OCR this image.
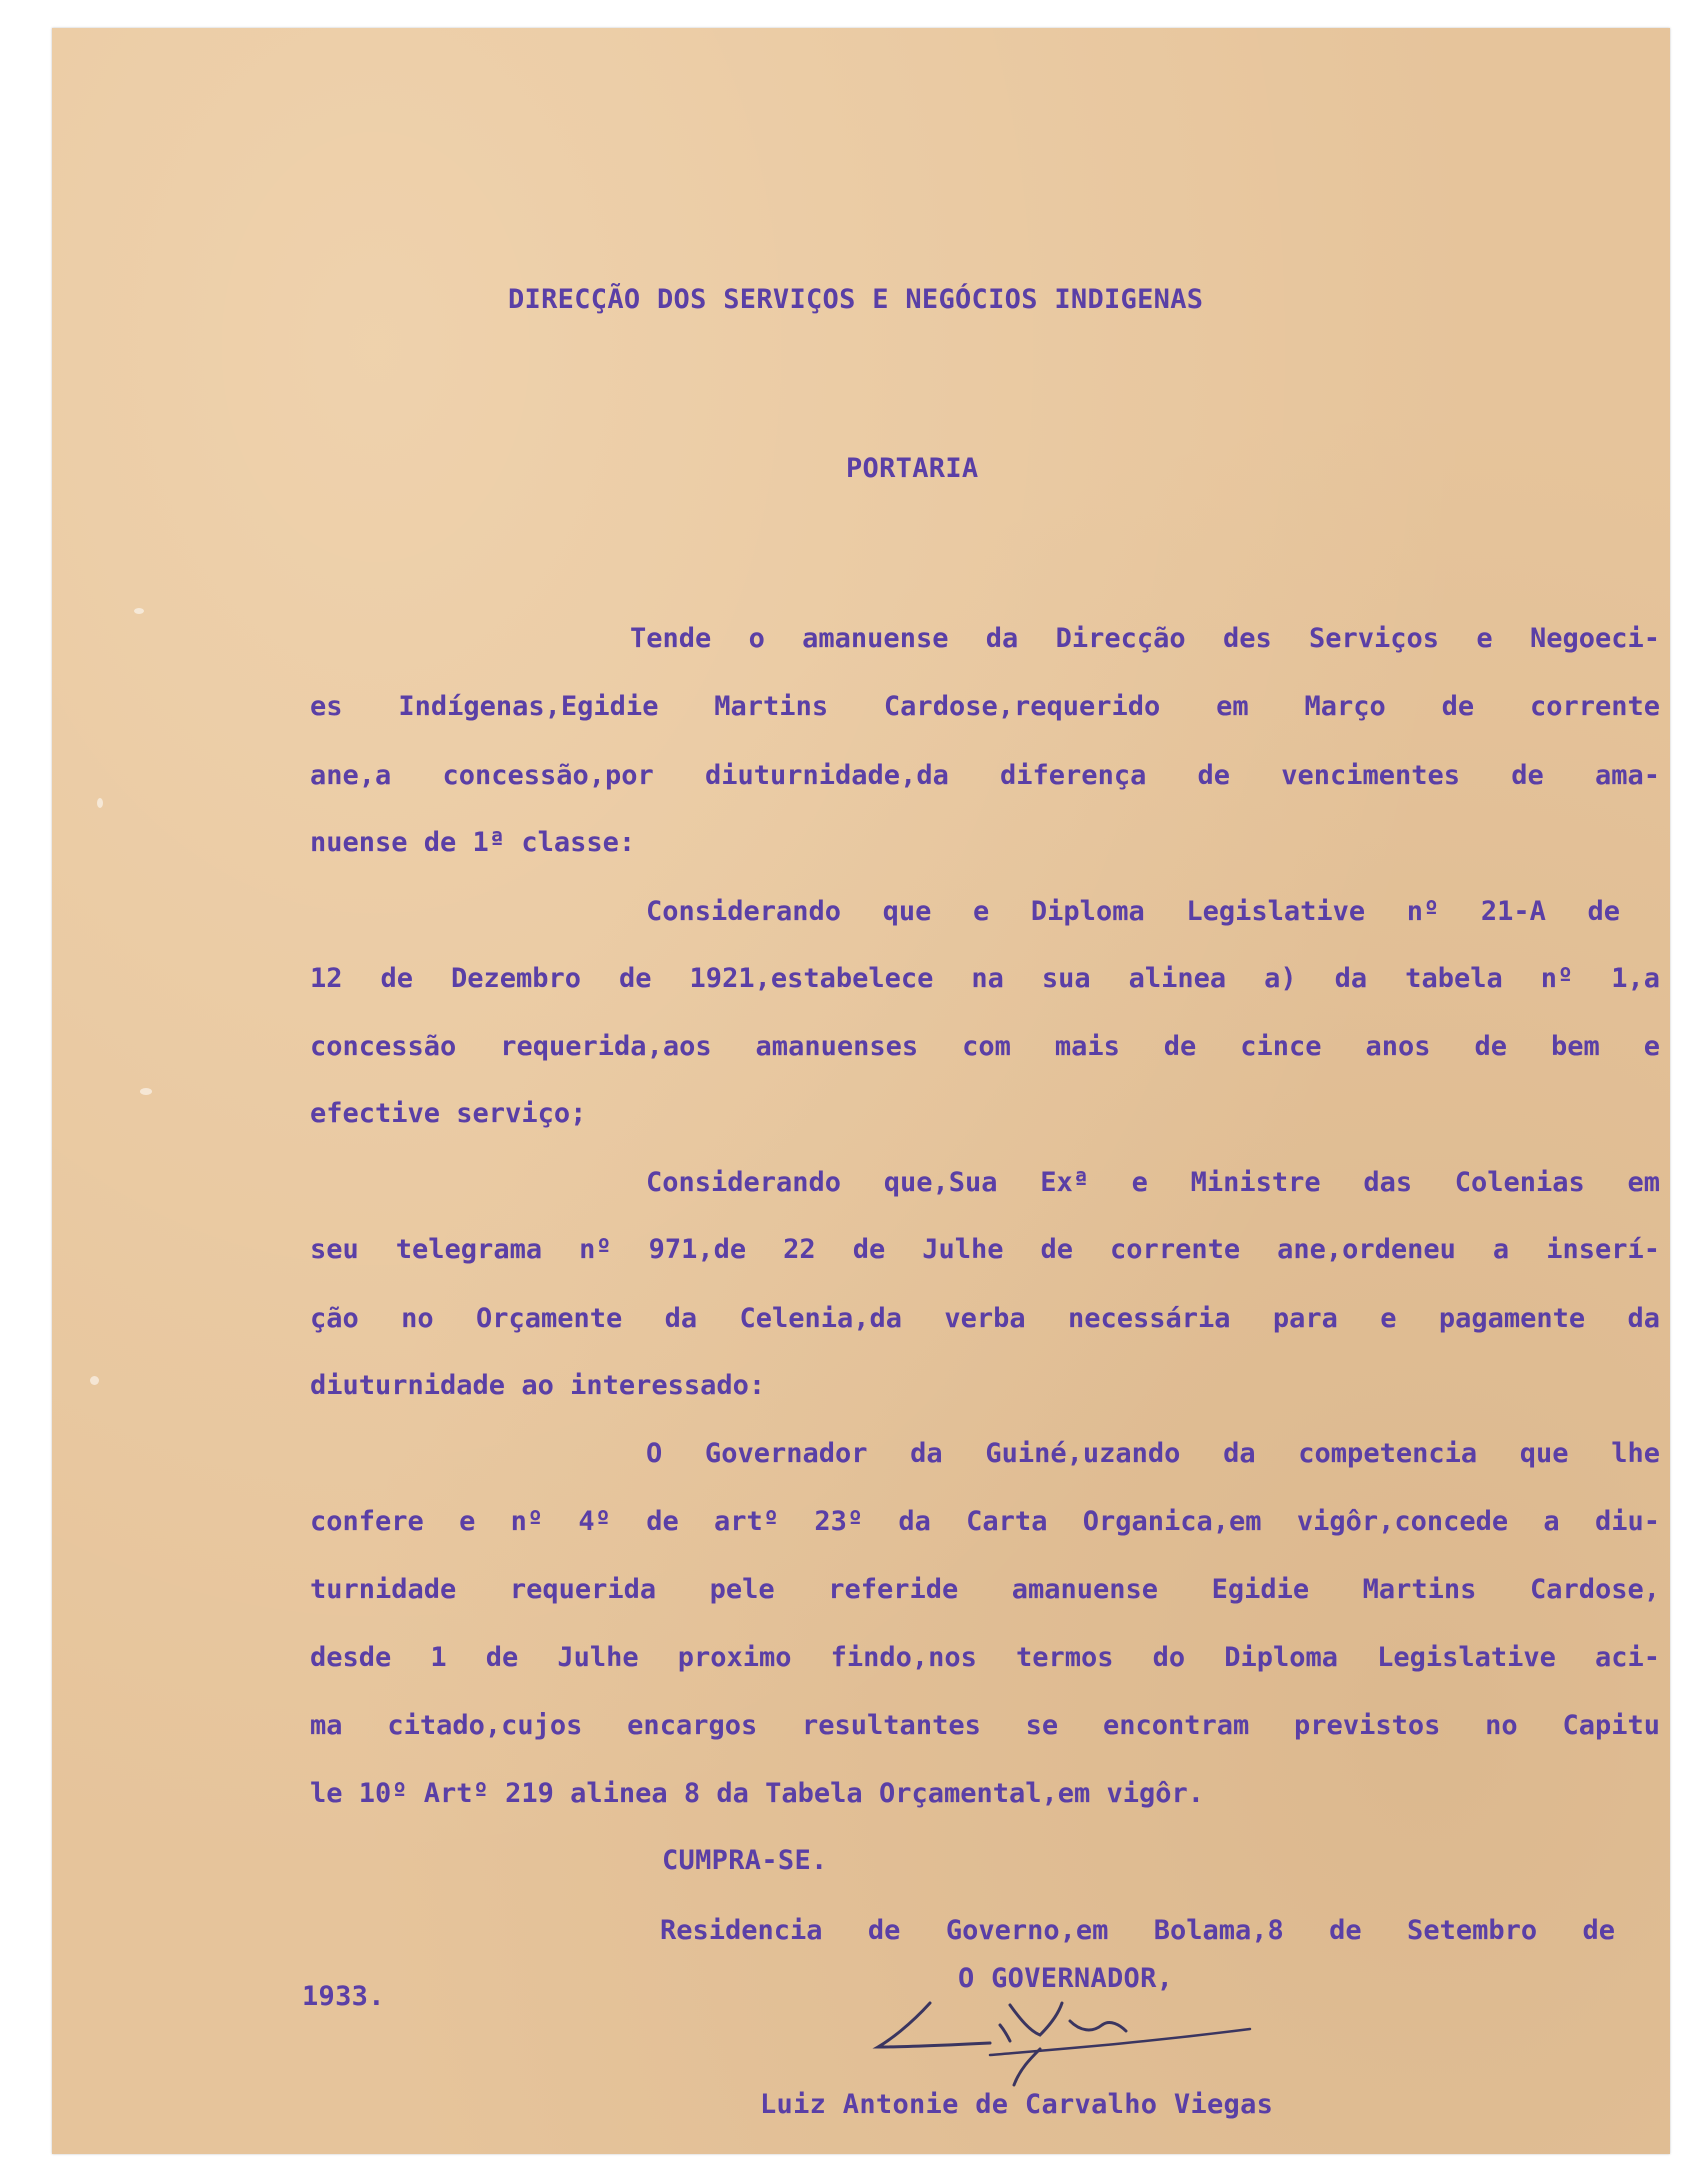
DIRECÇÃO DOS SERVIÇOS E NEGÓCIOS INDIGENAS

PORTARIA

Tende o amanuense da Direcção des Serviços e Negoeci-

es Indígenas,Egidie Martins Cardose,requerido em Março de corrente

ane,a concessão,por diuturnidade,da diferença de vencimentes de ama-

nuense de 1ª classe:

Considerando que e Diploma Legislative nº 21-A de

12 de Dezembro de 1921,estabelece na sua alinea a) da tabela nº 1,a

concessão requerida,aos amanuenses com mais de cince anos de bem e

efective serviço;

Considerando que,Sua Exª e Ministre das Colenias em

seu telegrama nº 971,de 22 de Julhe de corrente ane,ordeneu a inserí-

ção no Orçamente da Celenia,da verba necessária para e pagamente da

diuturnidade ao interessado:

O Governador da Guiné,uzando da competencia que lhe

confere e nº 4º de artº 23º da Carta Organica,em vigôr,concede a diu-

turnidade requerida pele referide amanuense Egidie Martins Cardose,

desde 1 de Julhe proximo findo,nos termos do Diploma Legislative aci-

ma citado,cujos encargos resultantes se encontram previstos no Capitu

le 10º Artº 219 alinea 8 da Tabela Orçamental,em vigôr.

CUMPRA-SE.

Residencia de Governo,em Bolama,8 de Setembro de

1933.

O GOVERNADOR,

Luiz Antonie de Carvalho Viegas
